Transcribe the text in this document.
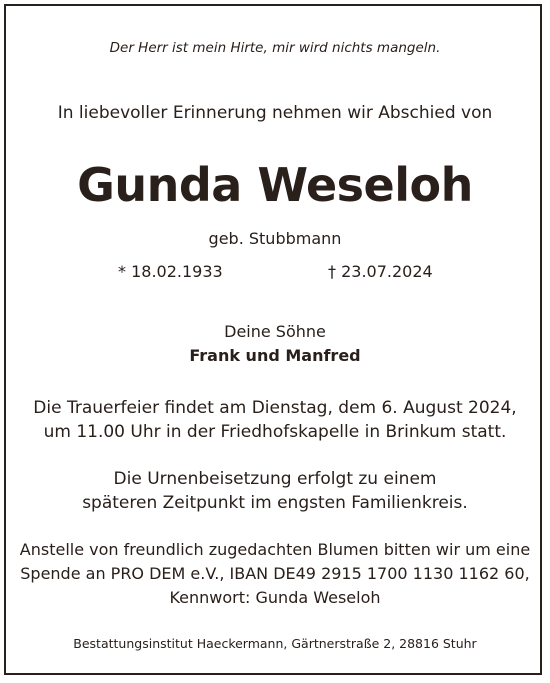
Der Herr ist mein Hirte, mir wird nichts mangeln.
In liebevoller Erinnerung nehmen wir Abschied von
Gunda Weseloh
geb. Stubbmann
* 18.02.1933	† 23.07.2024
Deine Söhne
Frank und Manfred
Die Trauerfeier findet am Dienstag, dem 6. August 2024,
um 11.00 Uhr in der Friedhofskapelle in Brinkum statt.
Die Urnenbeisetzung erfolgt zu einem
späteren Zeitpunkt im engsten Familienkreis.
Anstelle von freundlich zugedachten Blumen bitten wir um eine
Spende an PRO DEM e.V., IBAN DE49 2915 1700 1130 1162 60,
Kennwort: Gunda Weseloh
Bestattungsinstitut Haeckermann, Gärtnerstraße 2, 28816 Stuhr
